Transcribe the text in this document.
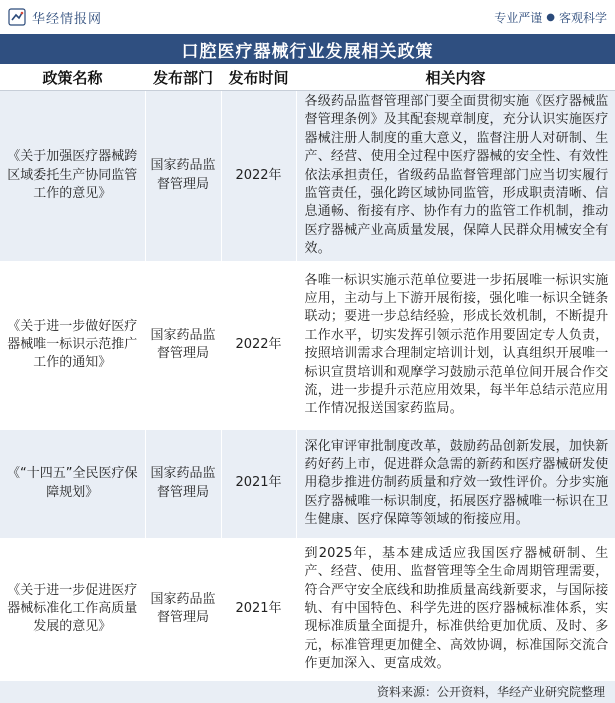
华经情报网	专业严谨 ● 客观科学
口腔医疗器械行业发展相关政策
政策名称	发布部门	发布时间	相关内容
《关于加强医疗器械跨区域委托生产协同监管工作的意见》	国家药品监督管理局	2022年	各级药品监督管理部门要全面贯彻实施《医疗器械监督管理条例》及其配套规章制度，充分认识实施医疗器械注册人制度的重大意义，监督注册人对研制、生产、经营、使用全过程中医疗器械的安全性、有效性依法承担责任，省级药品监督管理部门应当切实履行监管责任，强化跨区域协同监管，形成职责清晰、信息通畅、衔接有序、协作有力的监管工作机制，推动医疗器械产业高质量发展，保障人民群众用械安全有效。
《关于进一步做好医疗器械唯一标识示范推广工作的通知》	国家药品监督管理局	2022年	各唯一标识实施示范单位要进一步拓展唯一标识实施应用，主动与上下游开展衔接，强化唯一标识全链条联动；要进一步总结经验，形成长效机制，不断提升工作水平，切实发挥引领示范作用要固定专人负责，按照培训需求合理制定培训计划，认真组织开展唯一标识宣贯培训和观摩学习鼓励示范单位间开展合作交流，进一步提升示范应用效果，每半年总结示范应用工作情况报送国家药监局。
《“十四五”全民医疗保障规划》	国家药品监督管理局	2021年	深化审评审批制度改革，鼓励药品创新发展，加快新药好药上市，促进群众急需的新药和医疗器械研发使用稳步推进仿制药质量和疗效一致性评价。分步实施医疗器械唯一标识制度，拓展医疗器械唯一标识在卫生健康、医疗保障等领域的衔接应用。
《关于进一步促进医疗器械标准化工作高质量发展的意见》	国家药品监督管理局	2021年	到2025年，基本建成适应我国医疗器械研制、生产、经营、使用、监督管理等全生命周期管理需要，符合严守安全底线和助推质量高线新要求，与国际接轨、有中国特色、科学先进的医疗器械标准体系，实现标准质量全面提升，标准供给更加优质、及时、多元，标准管理更加健全、高效协调，标准国际交流合作更加深入、更富成效。
资料来源：公开资料，华经产业研究院整理
